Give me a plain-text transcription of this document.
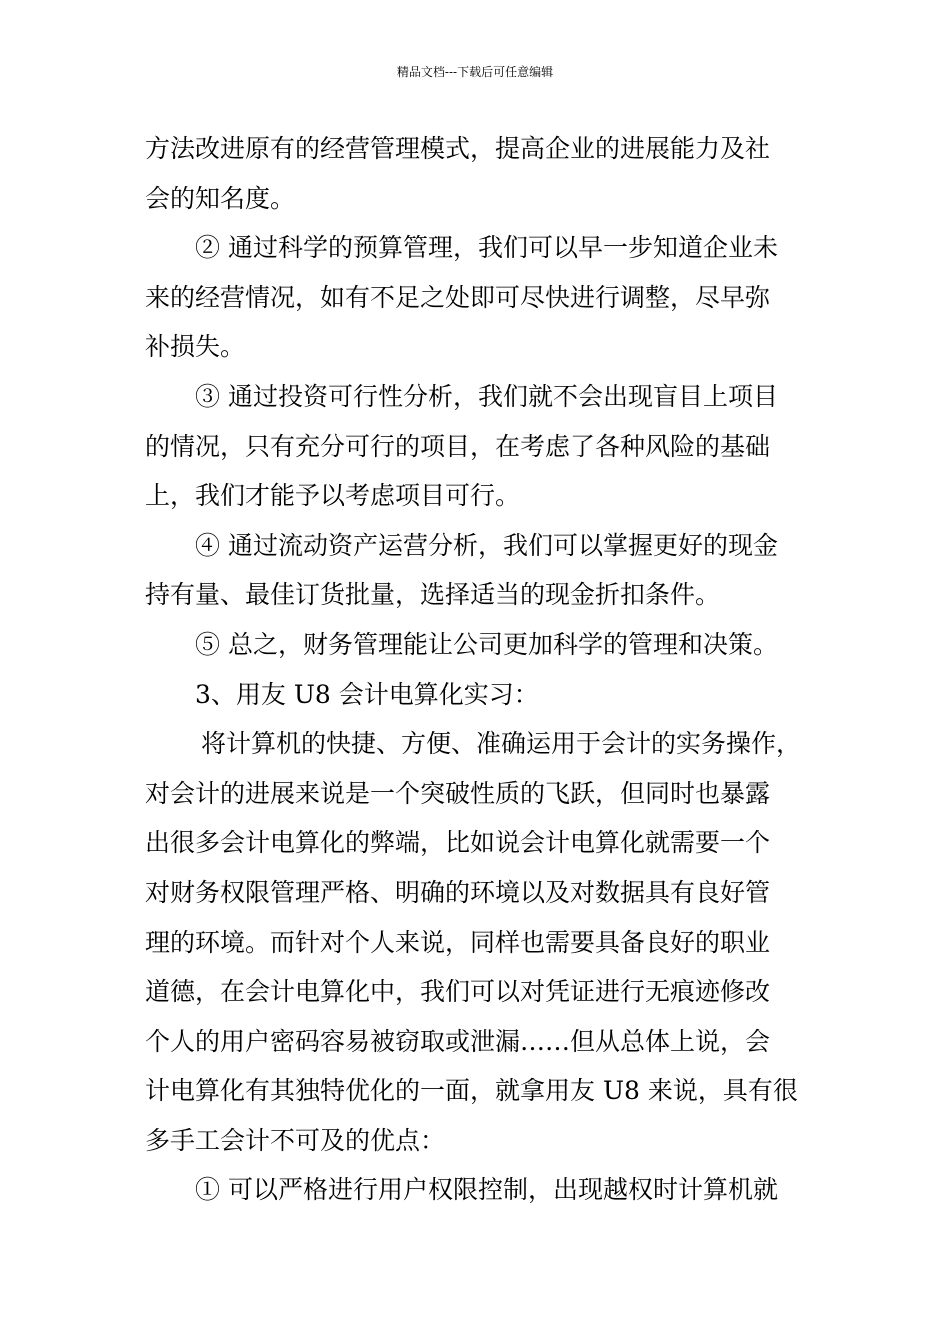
精品文档---下载后可任意编辑
方法改进原有的经营管理模式，提高企业的进展能力及社
会的知名度。
② 通过科学的预算管理，我们可以早一步知道企业未
来的经营情况，如有不足之处即可尽快进行调整，尽早弥
补损失。
③ 通过投资可行性分析，我们就不会出现盲目上项目
的情况，只有充分可行的项目，在考虑了各种风险的基础
上，我们才能予以考虑项目可行。
④ 通过流动资产运营分析，我们可以掌握更好的现金
持有量、最佳订货批量，选择适当的现金折扣条件。
⑤ 总之，财务管理能让公司更加科学的管理和决策。
3、用友 U8 会计电算化实习：
将计算机的快捷、方便、准确运用于会计的实务操作，
对会计的进展来说是一个突破性质的飞跃，但同时也暴露
出很多会计电算化的弊端，比如说会计电算化就需要一个
对财务权限管理严格、明确的环境以及对数据具有良好管
理的环境。而针对个人来说，同样也需要具备良好的职业
道德，在会计电算化中，我们可以对凭证进行无痕迹修改
个人的用户密码容易被窃取或泄漏……但从总体上说，会
计电算化有其独特优化的一面，就拿用友 U8 来说，具有很
多手工会计不可及的优点：
① 可以严格进行用户权限控制，出现越权时计算机就
